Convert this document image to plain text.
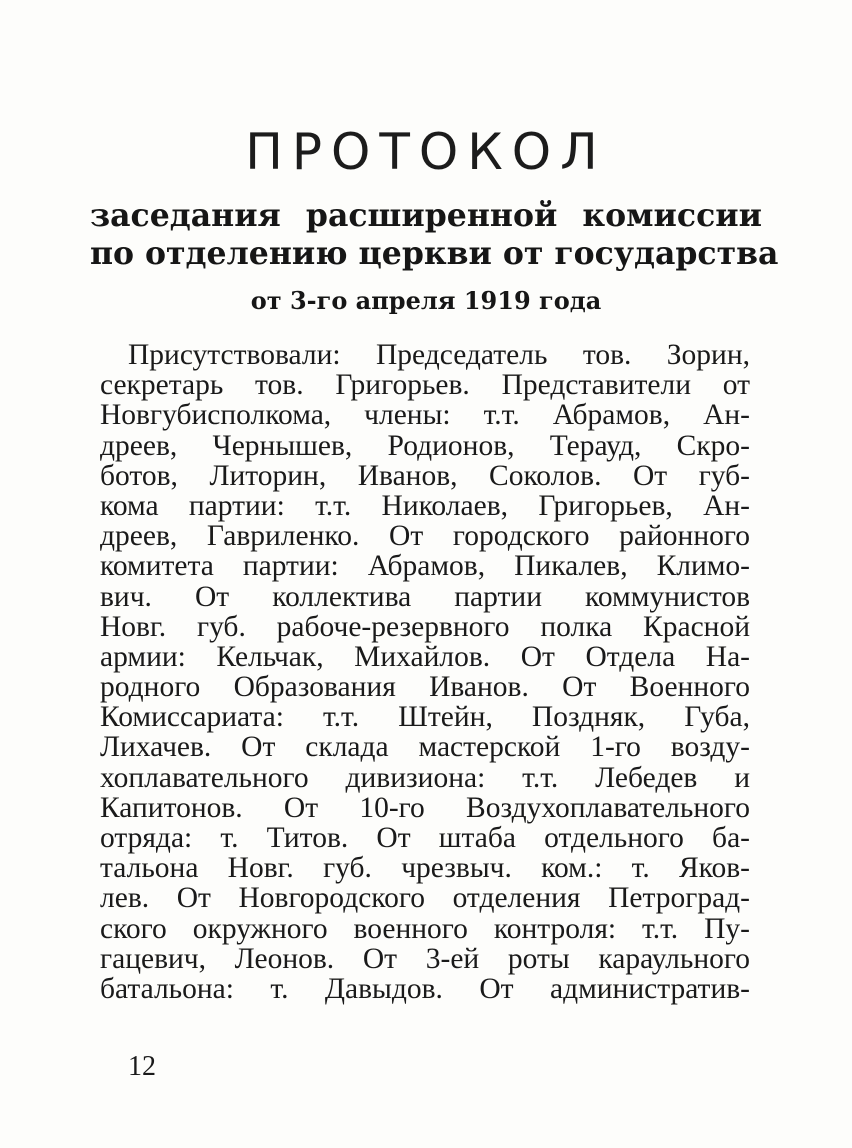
ПРОТОКОЛ
заседания расширенной комиссии
по отделению церкви от государства
от 3-го апреля 1919 года
Присутствовали: Председатель тов. Зорин,
секретарь тов. Григорьев. Представители от
Новгубисполкома, члены: т.т. Абрамов, Ан-
дреев, Чернышев, Родионов, Терауд, Скро-
ботов, Литорин, Иванов, Соколов. От губ-
кома партии: т.т. Николаев, Григорьев, Ан-
дреев, Гавриленко. От городского районного
комитета партии: Абрамов, Пикалев, Климо-
вич. От коллектива партии коммунистов
Новг. губ. рабоче-резервного полка Красной
армии: Кельчак, Михайлов. От Отдела На-
родного Образования Иванов. От Военного
Комиссариата: т.т. Штейн, Поздняк, Губа,
Лихачев. От склада мастерской 1-го возду-
хоплавательного дивизиона: т.т. Лебедев и
Капитонов. От 10-го Воздухоплавательного
отряда: т. Титов. От штаба отдельного ба-
тальона Новг. губ. чрезвыч. ком.: т. Яков-
лев. От Новгородского отделения Петроград-
ского окружного военного контроля: т.т. Пу-
гацевич, Леонов. От 3-ей роты караульного
батальона: т. Давыдов. От административ-
12
